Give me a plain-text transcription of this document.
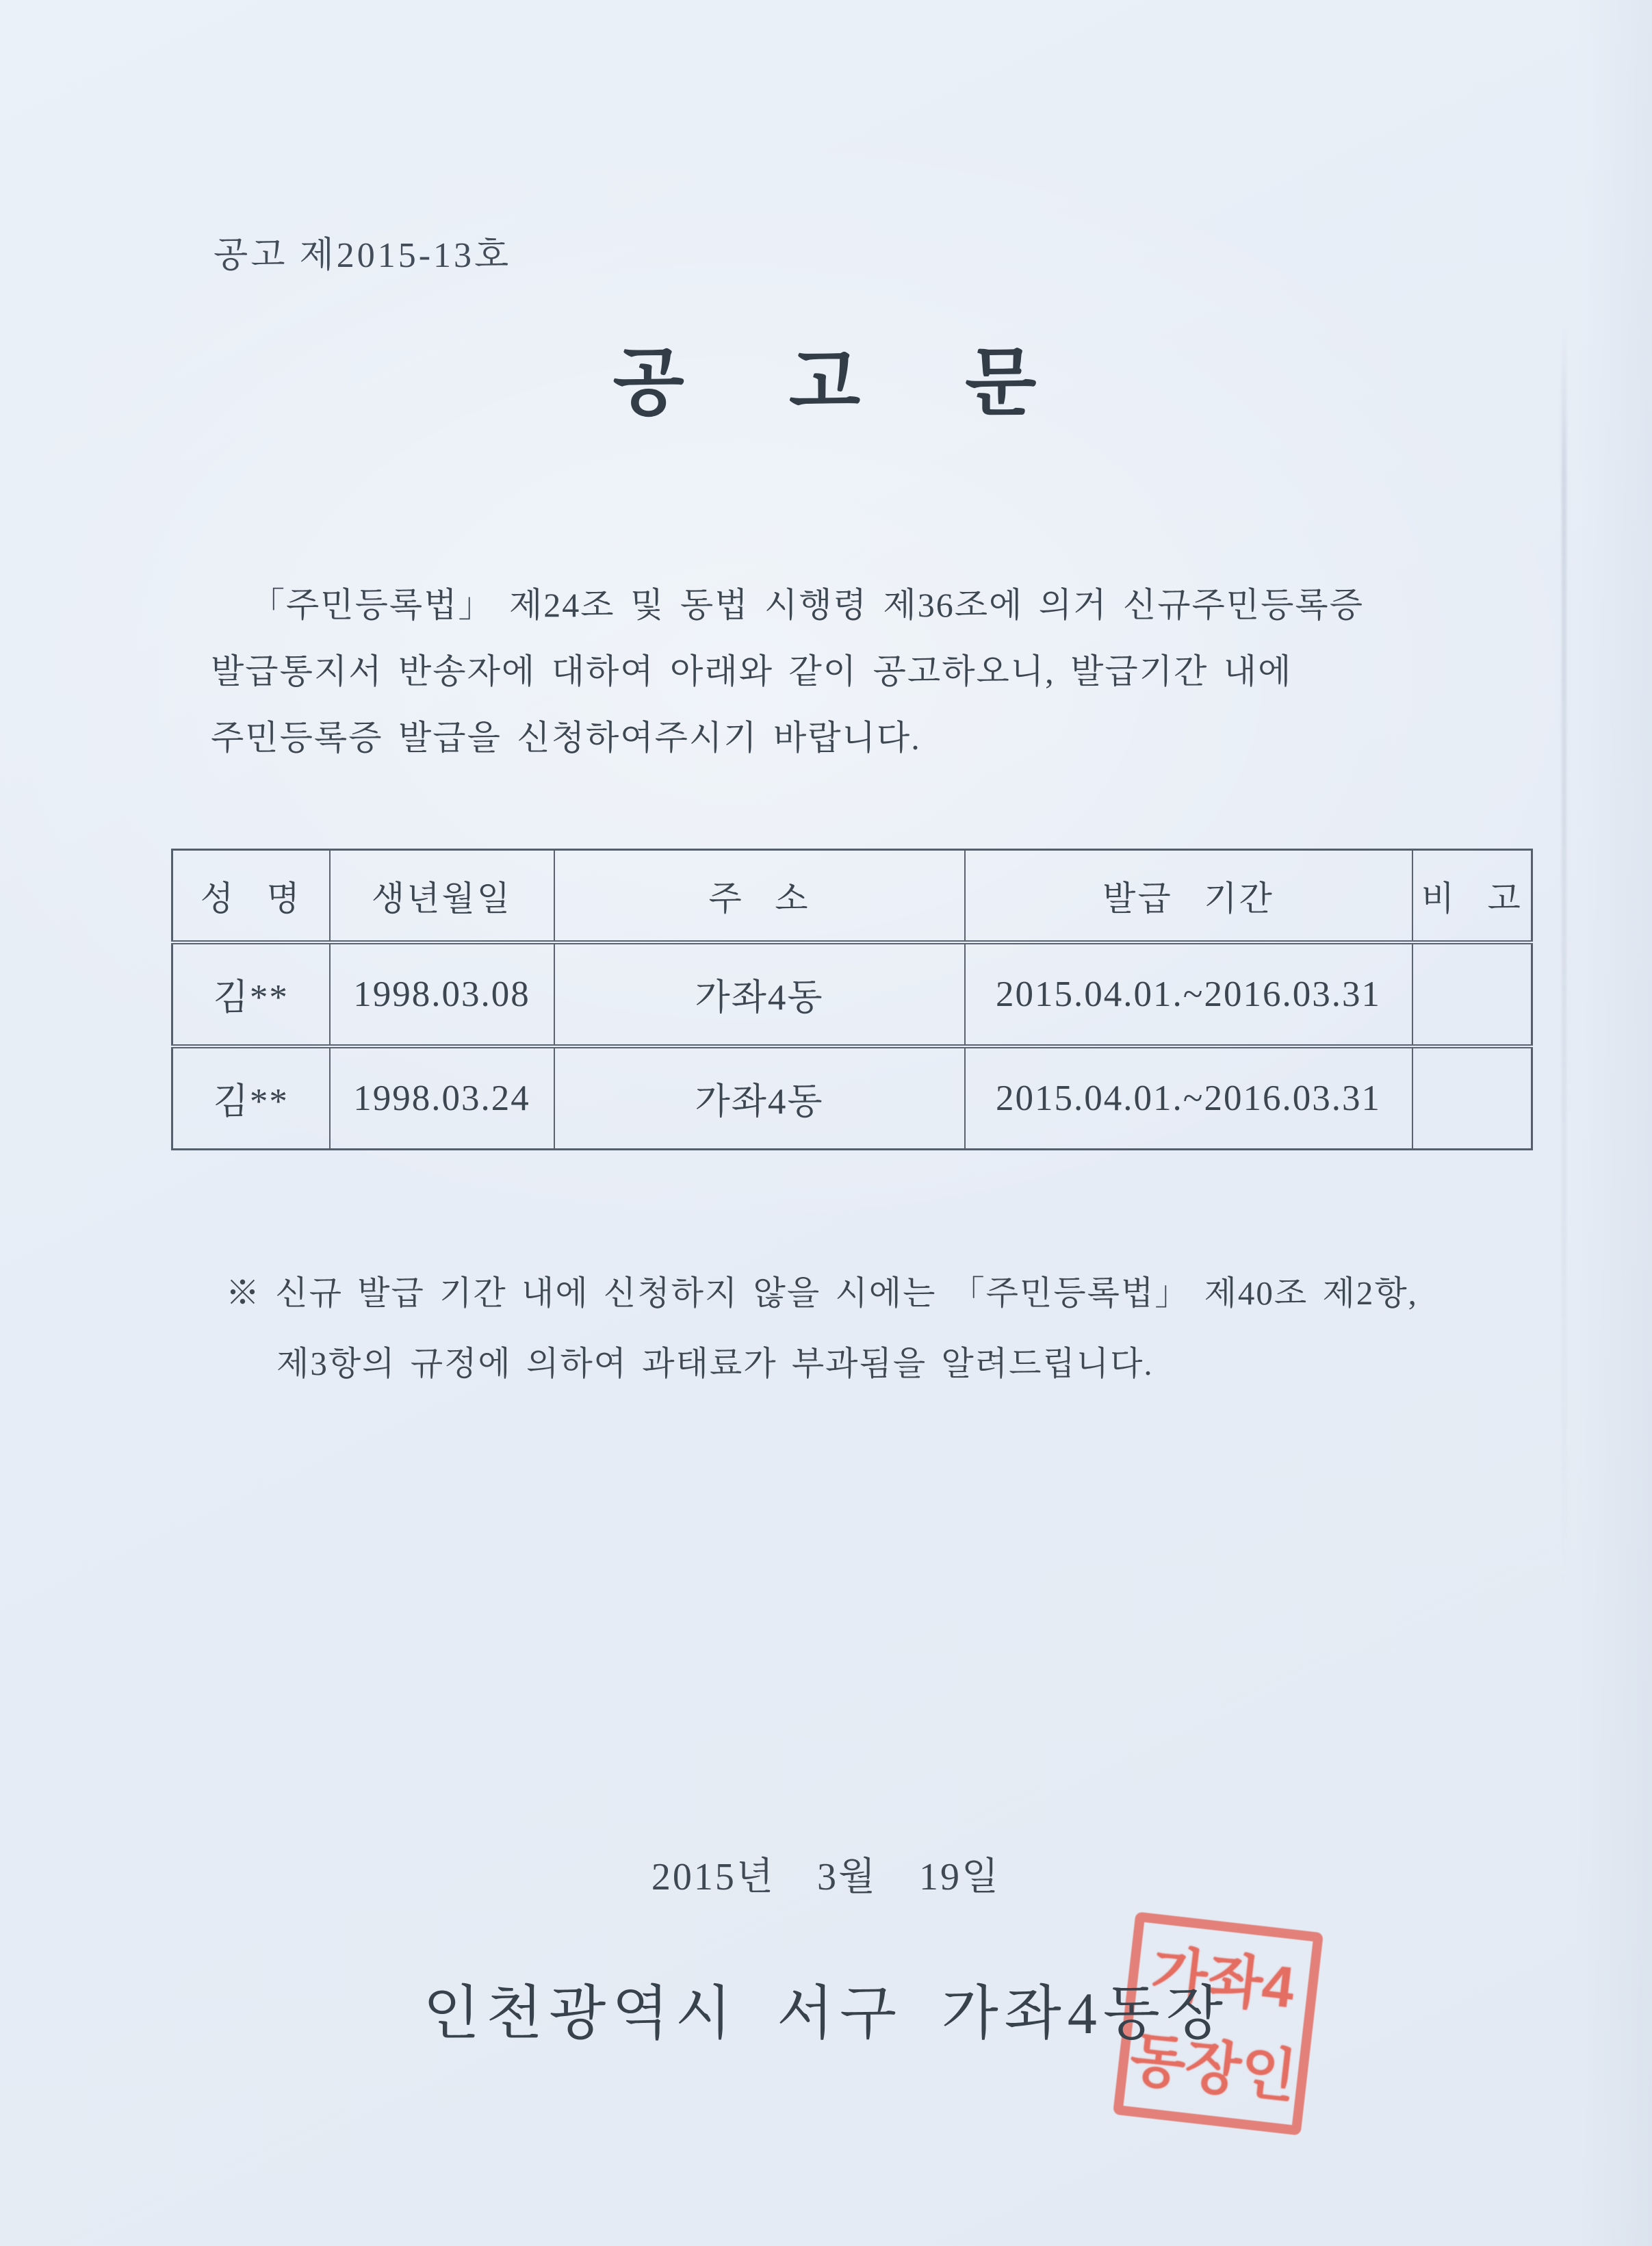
공고 제2015-13호
공 고 문
「주민등록법」 제24조 및 동법 시행령 제36조에 의거 신규주민등록증
발급통지서 반송자에 대하여 아래와 같이 공고하오니, 발급기간 내에
주민등록증 발급을 신청하여주시기 바랍니다.
성 명	생년월일	주 소	발급 기간	비 고
김**	1998.03.08	가좌4동	2015.04.01.~2016.03.31	
김**	1998.03.24	가좌4동	2015.04.01.~2016.03.31	
※ 신규 발급 기간 내에 신청하지 않을 시에는 「주민등록법」 제40조 제2항,
제3항의 규정에 의하여 과태료가 부과됨을 알려드립니다.
2015년 3월 19일
인천광역시 서구 가좌4동장
가좌4
동장인
